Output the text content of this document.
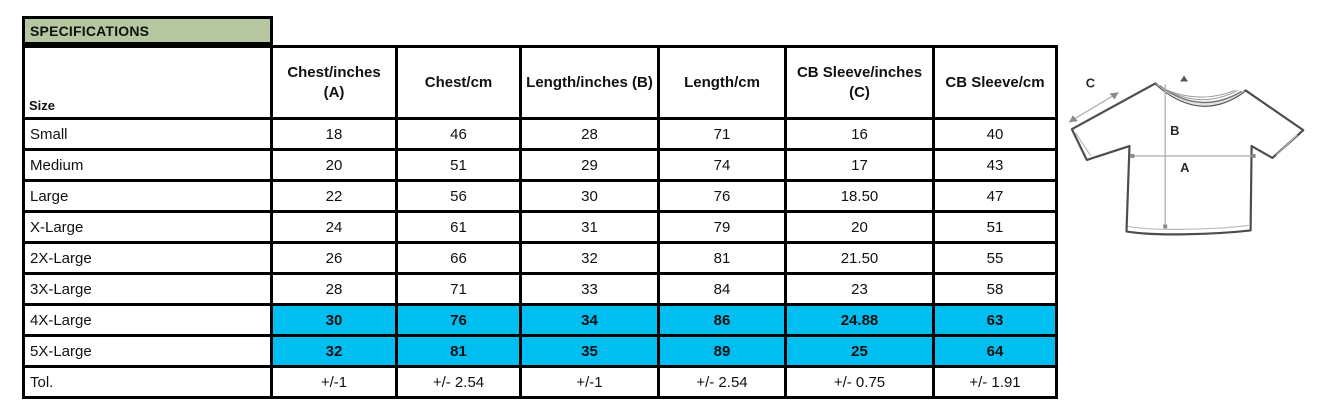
SPECIFICATIONS
Size	Chest/inches (A)	Chest/cm	Length/inches (B)	Length/cm	CB Sleeve/inches (C)	CB Sleeve/cm
Small	18	46	28	71	16	40
Medium	20	51	29	74	17	43
Large	22	56	30	76	18.50	47
X-Large	24	61	31	79	20	51
2X-Large	26	66	32	81	21.50	55
3X-Large	28	71	33	84	23	58
4X-Large	30	76	34	86	24.88	63
5X-Large	32	81	35	89	25	64
Tol.	+/-1	+/- 2.54	+/-1	+/- 2.54	+/- 0.75	+/- 1.91
C
B
A
